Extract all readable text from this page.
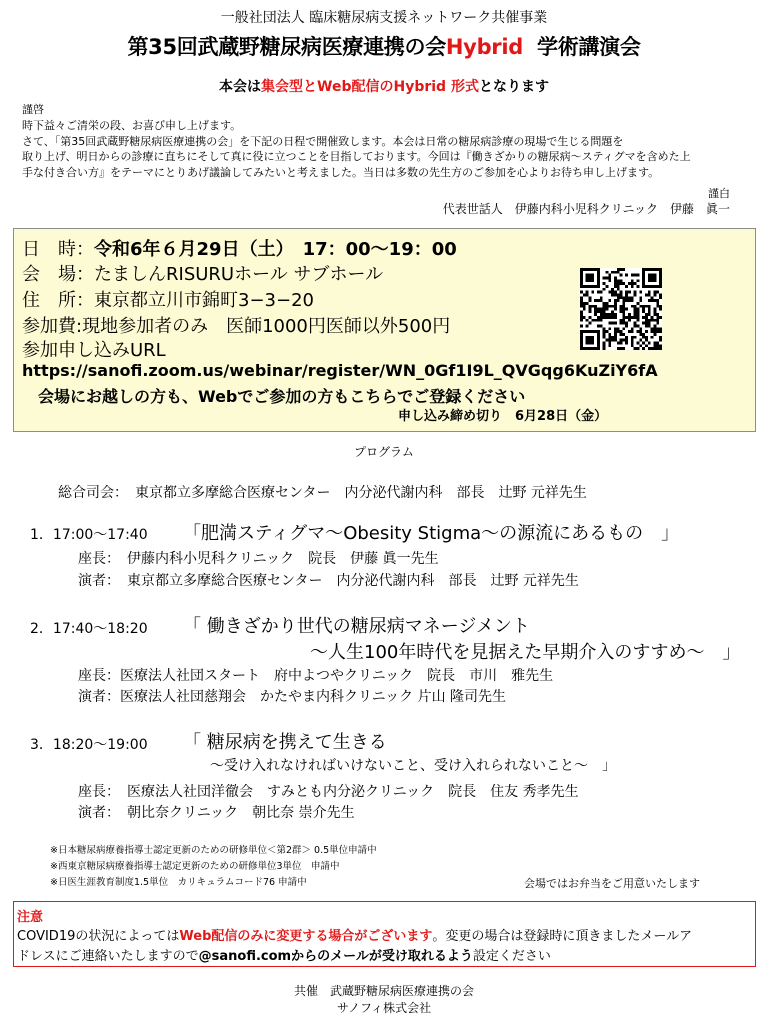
一般社団法人 臨床糖尿病支援ネットワーク共催事業
第35回武蔵野糖尿病医療連携の会Hybrid 学術講演会
本会は集会型とWeb配信のHybrid 形式となります
謹啓
時下益々ご清栄の段、お喜び申し上げます。
さて、「第35回武蔵野糖尿病医療連携の会」を下記の日程で開催致します。本会は日常の糖尿病診療の現場で生じる問題を
取り上げ、明日からの診療に直ちにそして真に役に立つことを目指しております。今回は『働きざかりの糖尿病～スティグマを含めた上
手な付き合い方』をテーマにとりあげ議論してみたいと考えました。当日は多数の先生方のご参加を心よりお待ち申し上げます。
謹白
代表世話人　伊藤内科小児科クリニック　伊藤　眞一
日　時：令和6年６月29日（土）　17：00～19：00
会　場：たましんRISURUホール サブホール
住　所：東京都立川市錦町3−3−20
参加費:現地参加者のみ　医師1000円医師以外500円
参加申し込みURL
https://sanofi.zoom.us/webinar/register/WN_0Gf1I9L_QVGqg6KuZiY6fA
会場にお越しの方も、Webでご参加の方もこちらでご登録ください
申し込み締め切り　6月28日（金）
プログラム
総合司会：　東京都立多摩総合医療センター　内分泌代謝内科　部長　辻野 元祥先生
1．17:00～17:40 「肥満スティグマ～Obesity Stigma～の源流にあるもの　」
座長：　伊藤内科小児科クリニック　院長　伊藤 眞一先生
演者：　東京都立多摩総合医療センター　内分泌代謝内科　部長　辻野 元祥先生
2．17:40～18:20 「 働きざかり世代の糖尿病マネージメント
～人生100年時代を見据えた早期介入のすすめ～　」
座長：医療法人社団スタート　府中よつやクリニック　院長　市川　雅先生
演者：医療法人社団慈翔会　かたやま内科クリニック 片山 隆司先生
3．18:20～19:00 「 糖尿病を携えて生きる
～受け入れなければいけないこと、受け入れられないこと～　」
座長：　医療法人社団洋徹会　すみとも内分泌クリニック　院長　住友 秀孝先生
演者：　朝比奈クリニック　朝比奈 崇介先生
※日本糖尿病療養指導士認定更新のための研修単位＜第2群＞ 0.5単位申請中
※西東京糖尿病療養指導士認定更新のための研修単位3単位　申請中
※日医生涯教育制度1.5単位　カリキュラムコード76 申請中	会場ではお弁当をご用意いたします
注意
COVID19の状況によってはWeb配信のみに変更する場合がございます。変更の場合は登録時に頂きましたメールア
ドレスにご連絡いたしますので@sanofi.comからのメールが受け取れるよう設定ください
共催　武蔵野糖尿病医療連携の会
サノフィ株式会社
